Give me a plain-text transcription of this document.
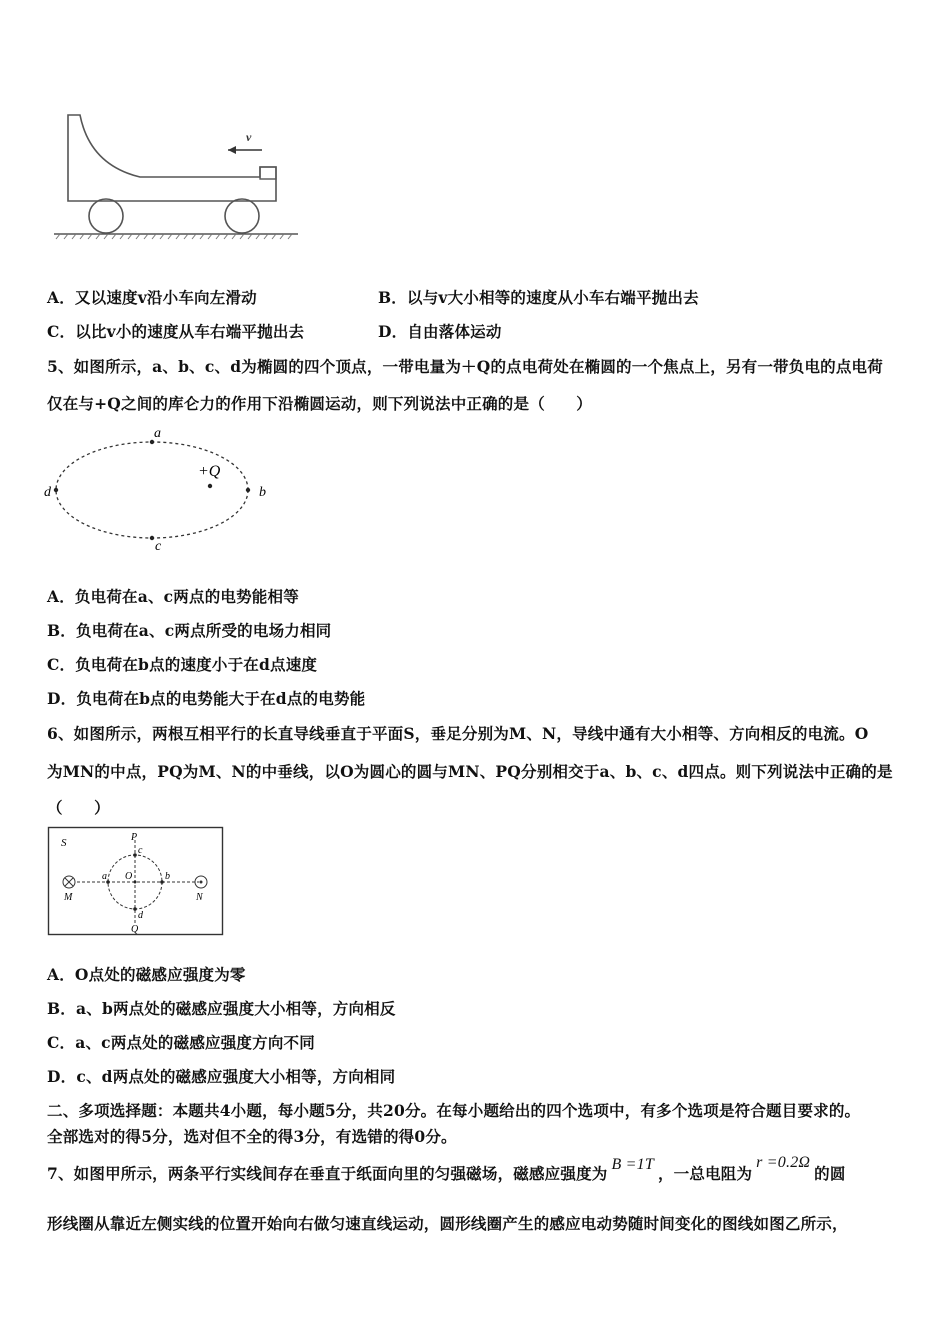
v
A．又以速度v沿小车向左滑动	B．以与v大小相等的速度从小车右端平抛出去
C．以比v小的速度从车右端平抛出去	D．自由落体运动
5、如图所示，a、b、c、d为椭圆的四个顶点，一带电量为＋Q的点电荷处在椭圆的一个焦点上，另有一带负电的点电荷
仅在与+Q之间的库仑力的作用下沿椭圆运动，则下列说法中正确的是（　　）
a
c
d	b
+Q
A．负电荷在a、c两点的电势能相等
B．负电荷在a、c两点所受的电场力相同
C．负电荷在b点的速度小于在d点速度
D．负电荷在b点的电势能大于在d点的电势能
6、如图所示，两根互相平行的长直导线垂直于平面S，垂足分别为M、N，导线中通有大小相等、方向相反的电流。O
为MN的中点，PQ为M、N的中垂线，以O为圆心的圆与MN、PQ分别相交于a、b、c、d四点。则下列说法中正确的是
（　　）
S	P
c
a O	b
d
Q
M	N
A．O点处的磁感应强度为零
B．a、b两点处的磁感应强度大小相等，方向相反
C．a、c两点处的磁感应强度方向不同
D．c、d两点处的磁感应强度大小相等，方向相同
二、多项选择题：本题共4小题，每小题5分，共20分。在每小题给出的四个选项中，有多个选项是符合题目要求的。
全部选对的得5分，选对但不全的得3分，有选错的得0分。
7、如图甲所示，两条平行实线间存在垂直于纸面向里的匀强磁场，磁感应强度为 B =1T ，一总电阻为r =0.2Ω的圆
形线圈从靠近左侧实线的位置开始向右做匀速直线运动，圆形线圈产生的感应电动势随时间变化的图线如图乙所示，
